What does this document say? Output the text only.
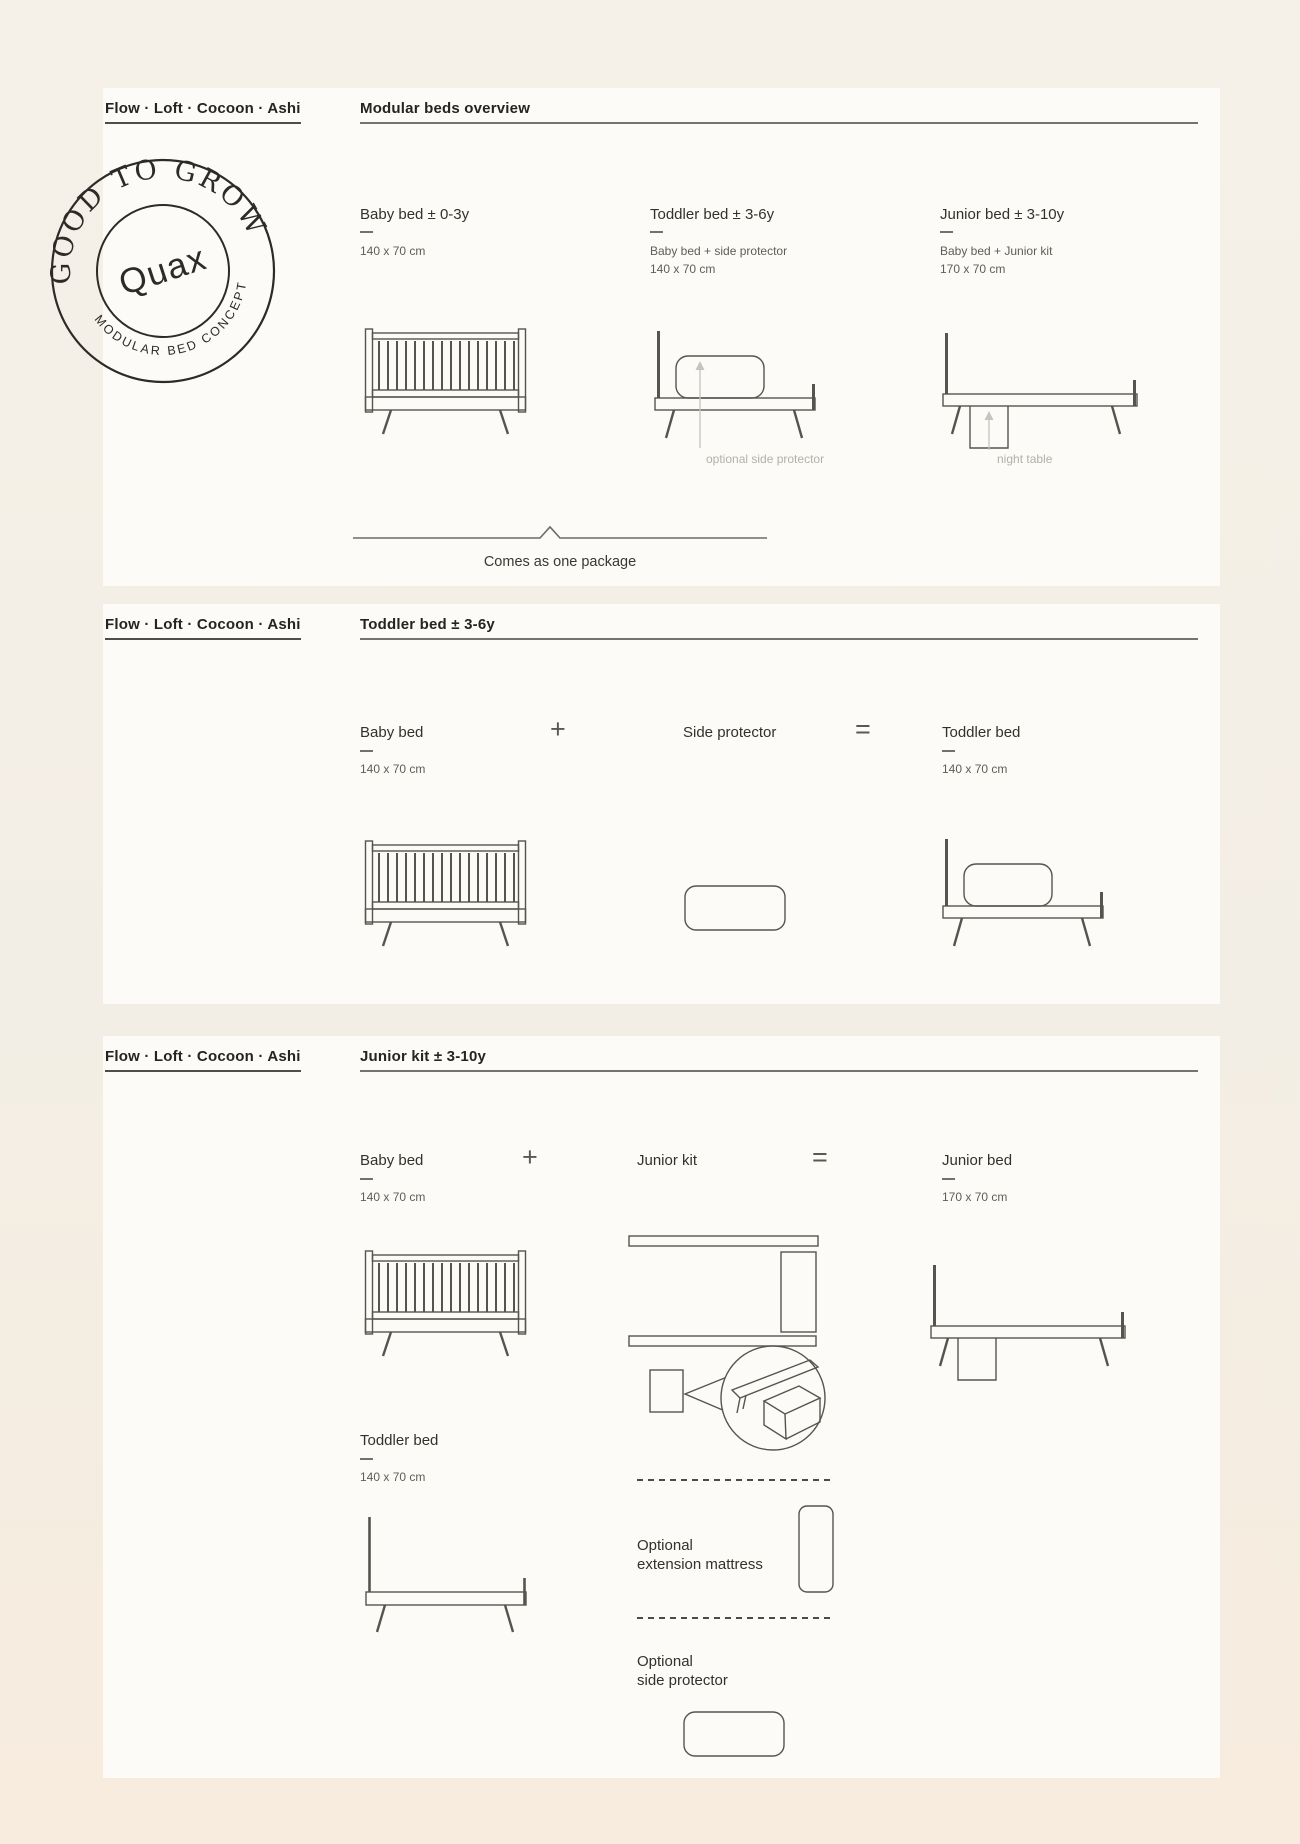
Flow · Loft · Cocoon · Ashi	Modular beds overview
Baby bed ± 0-3y
140 x 70 cm
Toddler bed ± 3-6y
Baby bed + side protector
140 x 70 cm
Junior bed ± 3-10y
Baby bed + Junior kit
170 x 70 cm
optional side protector	night table
Comes as one package
GOOD TO GROW
MODULAR BED CONCEPT
Quax
Flow · Loft · Cocoon · Ashi	Toddler bed ± 3-6y
Baby bed
140 x 70 cm
+	Side protector	=	Toddler bed
140 x 70 cm
Flow · Loft · Cocoon · Ashi	Junior kit ± 3-10y
Baby bed
140 x 70 cm
+	Junior kit	=	Junior bed
170 x 70 cm
Toddler bed
140 x 70 cm
Optional
extension mattress
Optional
side protector
